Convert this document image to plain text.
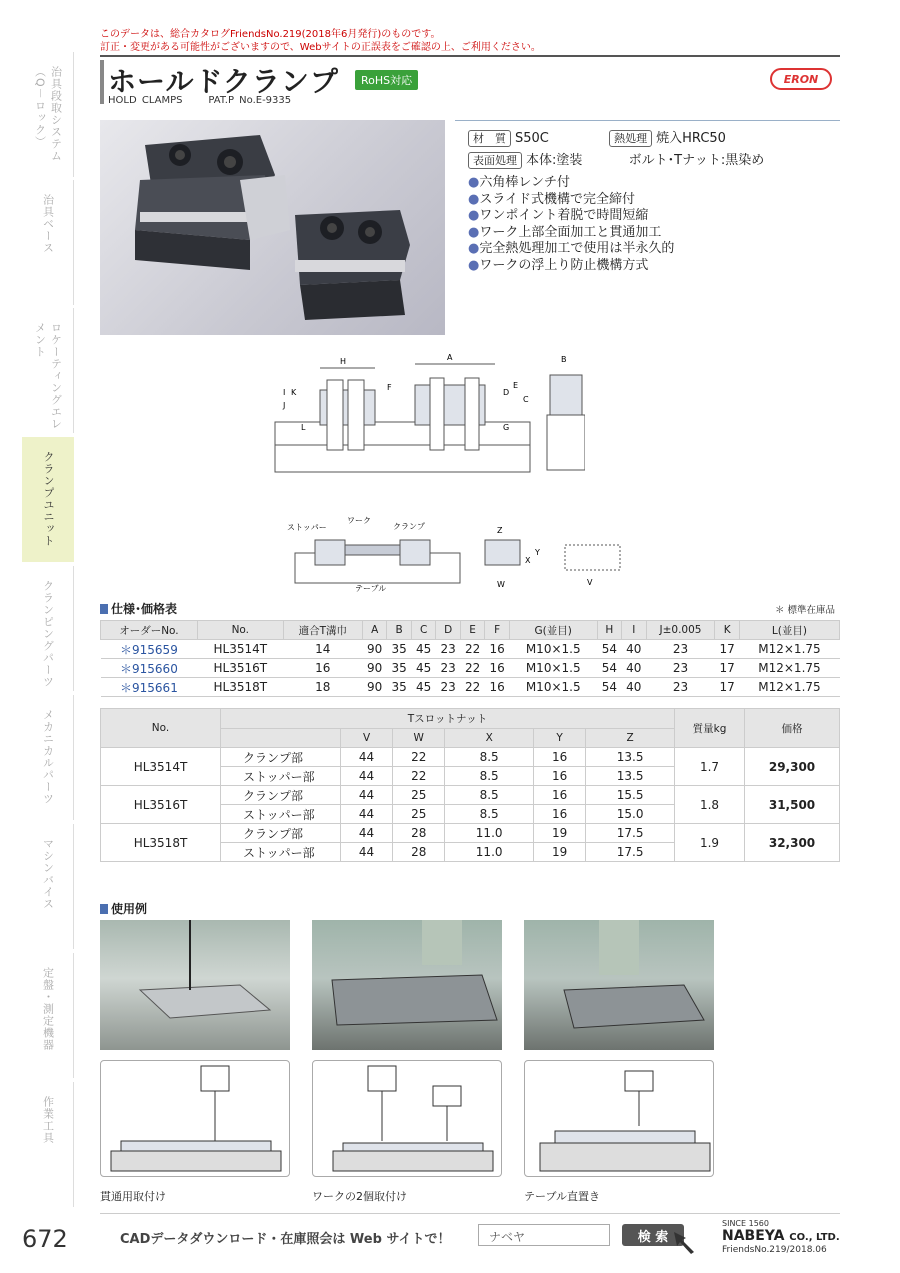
このデータは、総合カタログFriendsNo.219(2018年6月発行)のものです。
訂正・変更がある可能性がございますので、Webサイトの正誤表をご確認の上、ご利用ください。
治具段取システム（Q－ロック）
治具ベース
ロケーティングエレメント
クランプユニット
クランピングパーツ
メカニカルパーツ
マシンバイス
定盤・測定機器
作業工具
ホールドクランプ	RoHS対応
HOLD CLAMPS	PAT.P No.E-9335
ERON
材　質 S50C	熱処理 焼入HRC50
表面処理 本体:塗装	ボルト･Tナット:黒染め
●六角棒レンチ付
●スライド式機構で完全締付
●ワンポイント着脱で時間短縮
●ワーク上部全面加工と貫通加工
●完全熱処理加工で使用は半永久的
●ワークの浮上り防止機構方式
H	A
I
J
K
L
F
D
E
C
G
B
ストッパー
ワーク
クランプ
テーブル
Z
Y
X
W	V
仕様･価格表	＊ 標準在庫品
オーダーNo.	No.	適合T溝巾	A	B	C	D	E	F	G(並目)	H	I	J±0.005	K	L(並目)
＊915659	HL3514T	14	90	35	45	23	22	16	M10×1.5	54	40	23	17	M12×1.75
＊915660	HL3516T	16	90	35	45	23	22	16	M10×1.5	54	40	23	17	M12×1.75
＊915661	HL3518T	18	90	35	45	23	22	16	M10×1.5	54	40	23	17	M12×1.75
No.	Tスロットナット						質量kg	価格
		V	W	X	Y	Z		
HL3514T	クランプ部	44	22	8.5	16	13.5	1.7	29,300
	ストッパー部	44	22	8.5	16	13.5		
HL3516T	クランプ部	44	25	8.5	16	15.5	1.8	31,500
	ストッパー部	44	25	8.5	16	15.0		
HL3518T	クランプ部	44	28	11.0	19	17.5	1.9	32,300
	ストッパー部	44	28	11.0	19	17.5		
使用例
貫通用取付け	ワークの2個取付け	テーブル直置き
672	CADデータダウンロード・在庫照会は Web サイトで！	ナベヤ	検 索
SINCE 1560
NABEYA CO., LTD.
FriendsNo.219/2018.06
